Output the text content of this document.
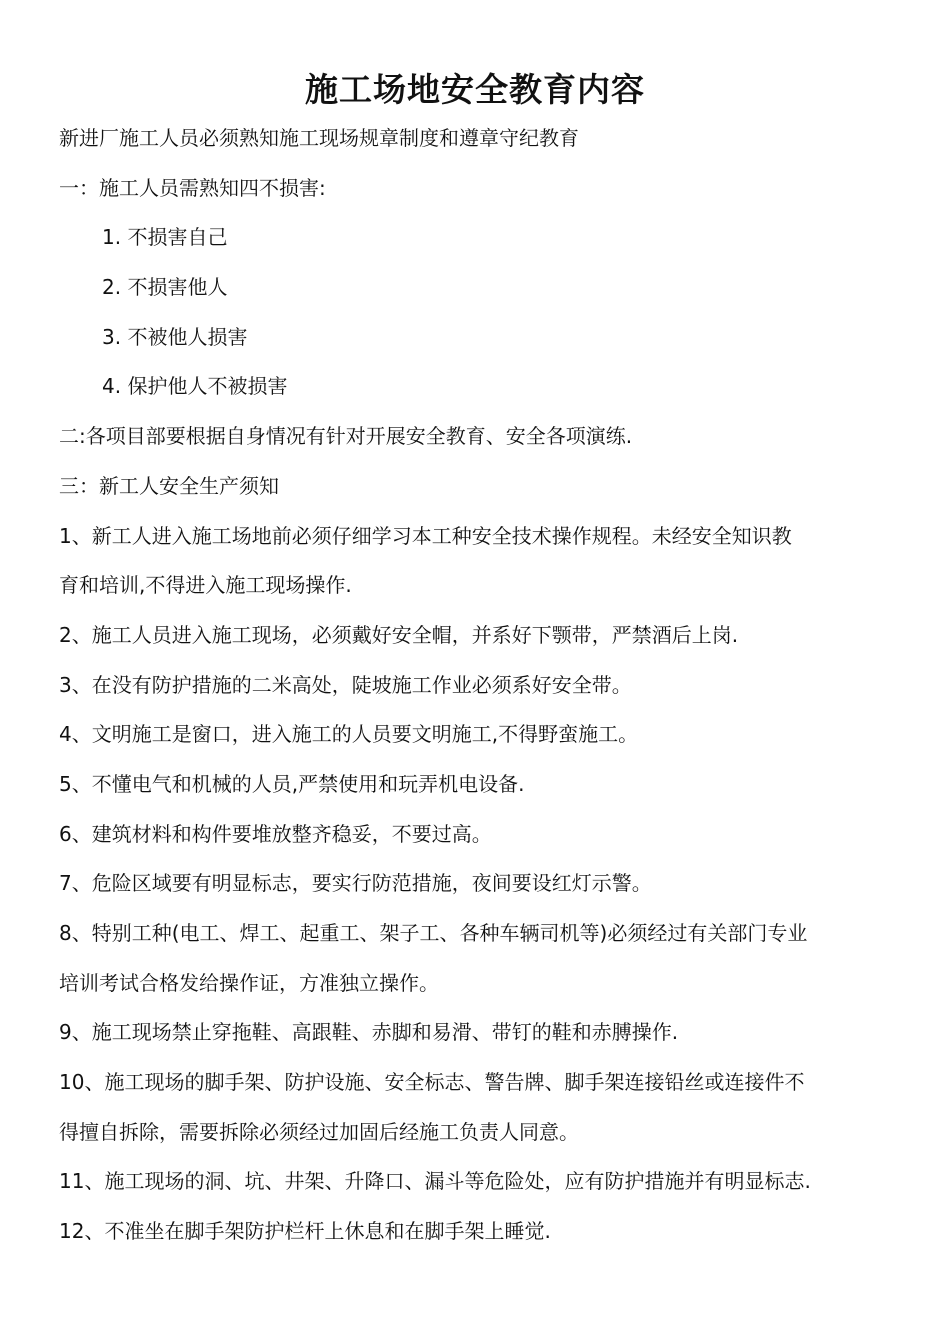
施工场地安全教育内容
新进厂施工人员必须熟知施工现场规章制度和遵章守纪教育
一：施工人员需熟知四不损害:
1. 不损害自己
2. 不损害他人
3. 不被他人损害
4. 保护他人不被损害
二:各项目部要根据自身情况有针对开展安全教育、安全各项演练.
三：新工人安全生产须知
1、新工人进入施工场地前必须仔细学习本工种安全技术操作规程。未经安全知识教
育和培训,不得进入施工现场操作.
2、施工人员进入施工现场，必须戴好安全帽，并系好下颚带，严禁酒后上岗.
3、在没有防护措施的二米高处，陡坡施工作业必须系好安全带。
4、文明施工是窗口，进入施工的人员要文明施工,不得野蛮施工。
5、不懂电气和机械的人员,严禁使用和玩弄机电设备.
6、建筑材料和构件要堆放整齐稳妥，不要过高。
7、危险区域要有明显标志，要实行防范措施，夜间要设红灯示警。
8、特别工种(电工、焊工、起重工、架子工、各种车辆司机等)必须经过有关部门专业
培训考试合格发给操作证，方准独立操作。
9、施工现场禁止穿拖鞋、高跟鞋、赤脚和易滑、带钉的鞋和赤膊操作.
10、施工现场的脚手架、防护设施、安全标志、警告牌、脚手架连接铅丝或连接件不
得擅自拆除，需要拆除必须经过加固后经施工负责人同意。
11、施工现场的洞、坑、井架、升降口、漏斗等危险处，应有防护措施并有明显标志.
12、不准坐在脚手架防护栏杆上休息和在脚手架上睡觉.
